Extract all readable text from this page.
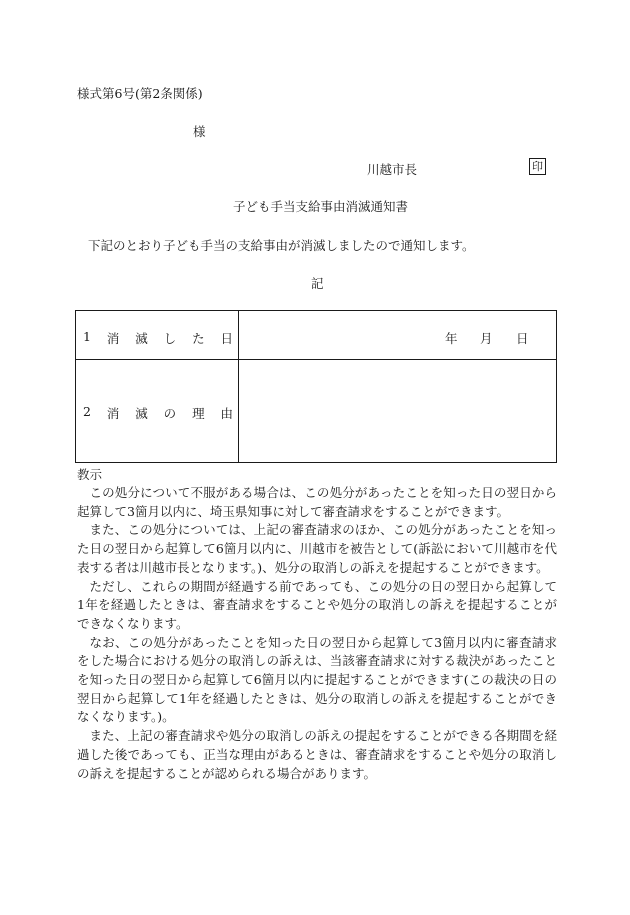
様式第6号(第2条関係)
様
川越市長	印
子ども手当支給事由消滅通知書
下記のとおり子ども手当の支給事由が消滅しましたので通知します。
記
1 消 滅 し た 日	年 月 日
2 消 滅 の 理 由
教示

この処分について不服がある場合は、この処分があったことを知った日の翌日から起算して3箇月以内に、埼玉県知事に対して審査請求をすることができます。

また、この処分については、上記の審査請求のほか、この処分があったことを知った日の翌日から起算して6箇月以内に、川越市を被告として(訴訟において川越市を代表する者は川越市長となります。)、処分の取消しの訴えを提起することができます。

ただし、これらの期間が経過する前であっても、この処分の日の翌日から起算して1年を経過したときは、審査請求をすることや処分の取消しの訴えを提起することができなくなります。

なお、この処分があったことを知った日の翌日から起算して3箇月以内に審査請求をした場合における処分の取消しの訴えは、当該審査請求に対する裁決があったことを知った日の翌日から起算して6箇月以内に提起することができます(この裁決の日の翌日から起算して1年を経過したときは、処分の取消しの訴えを提起することができなくなります。)。

また、上記の審査請求や処分の取消しの訴えの提起をすることができる各期間を経過した後であっても、正当な理由があるときは、審査請求をすることや処分の取消しの訴えを提起することが認められる場合があります。
